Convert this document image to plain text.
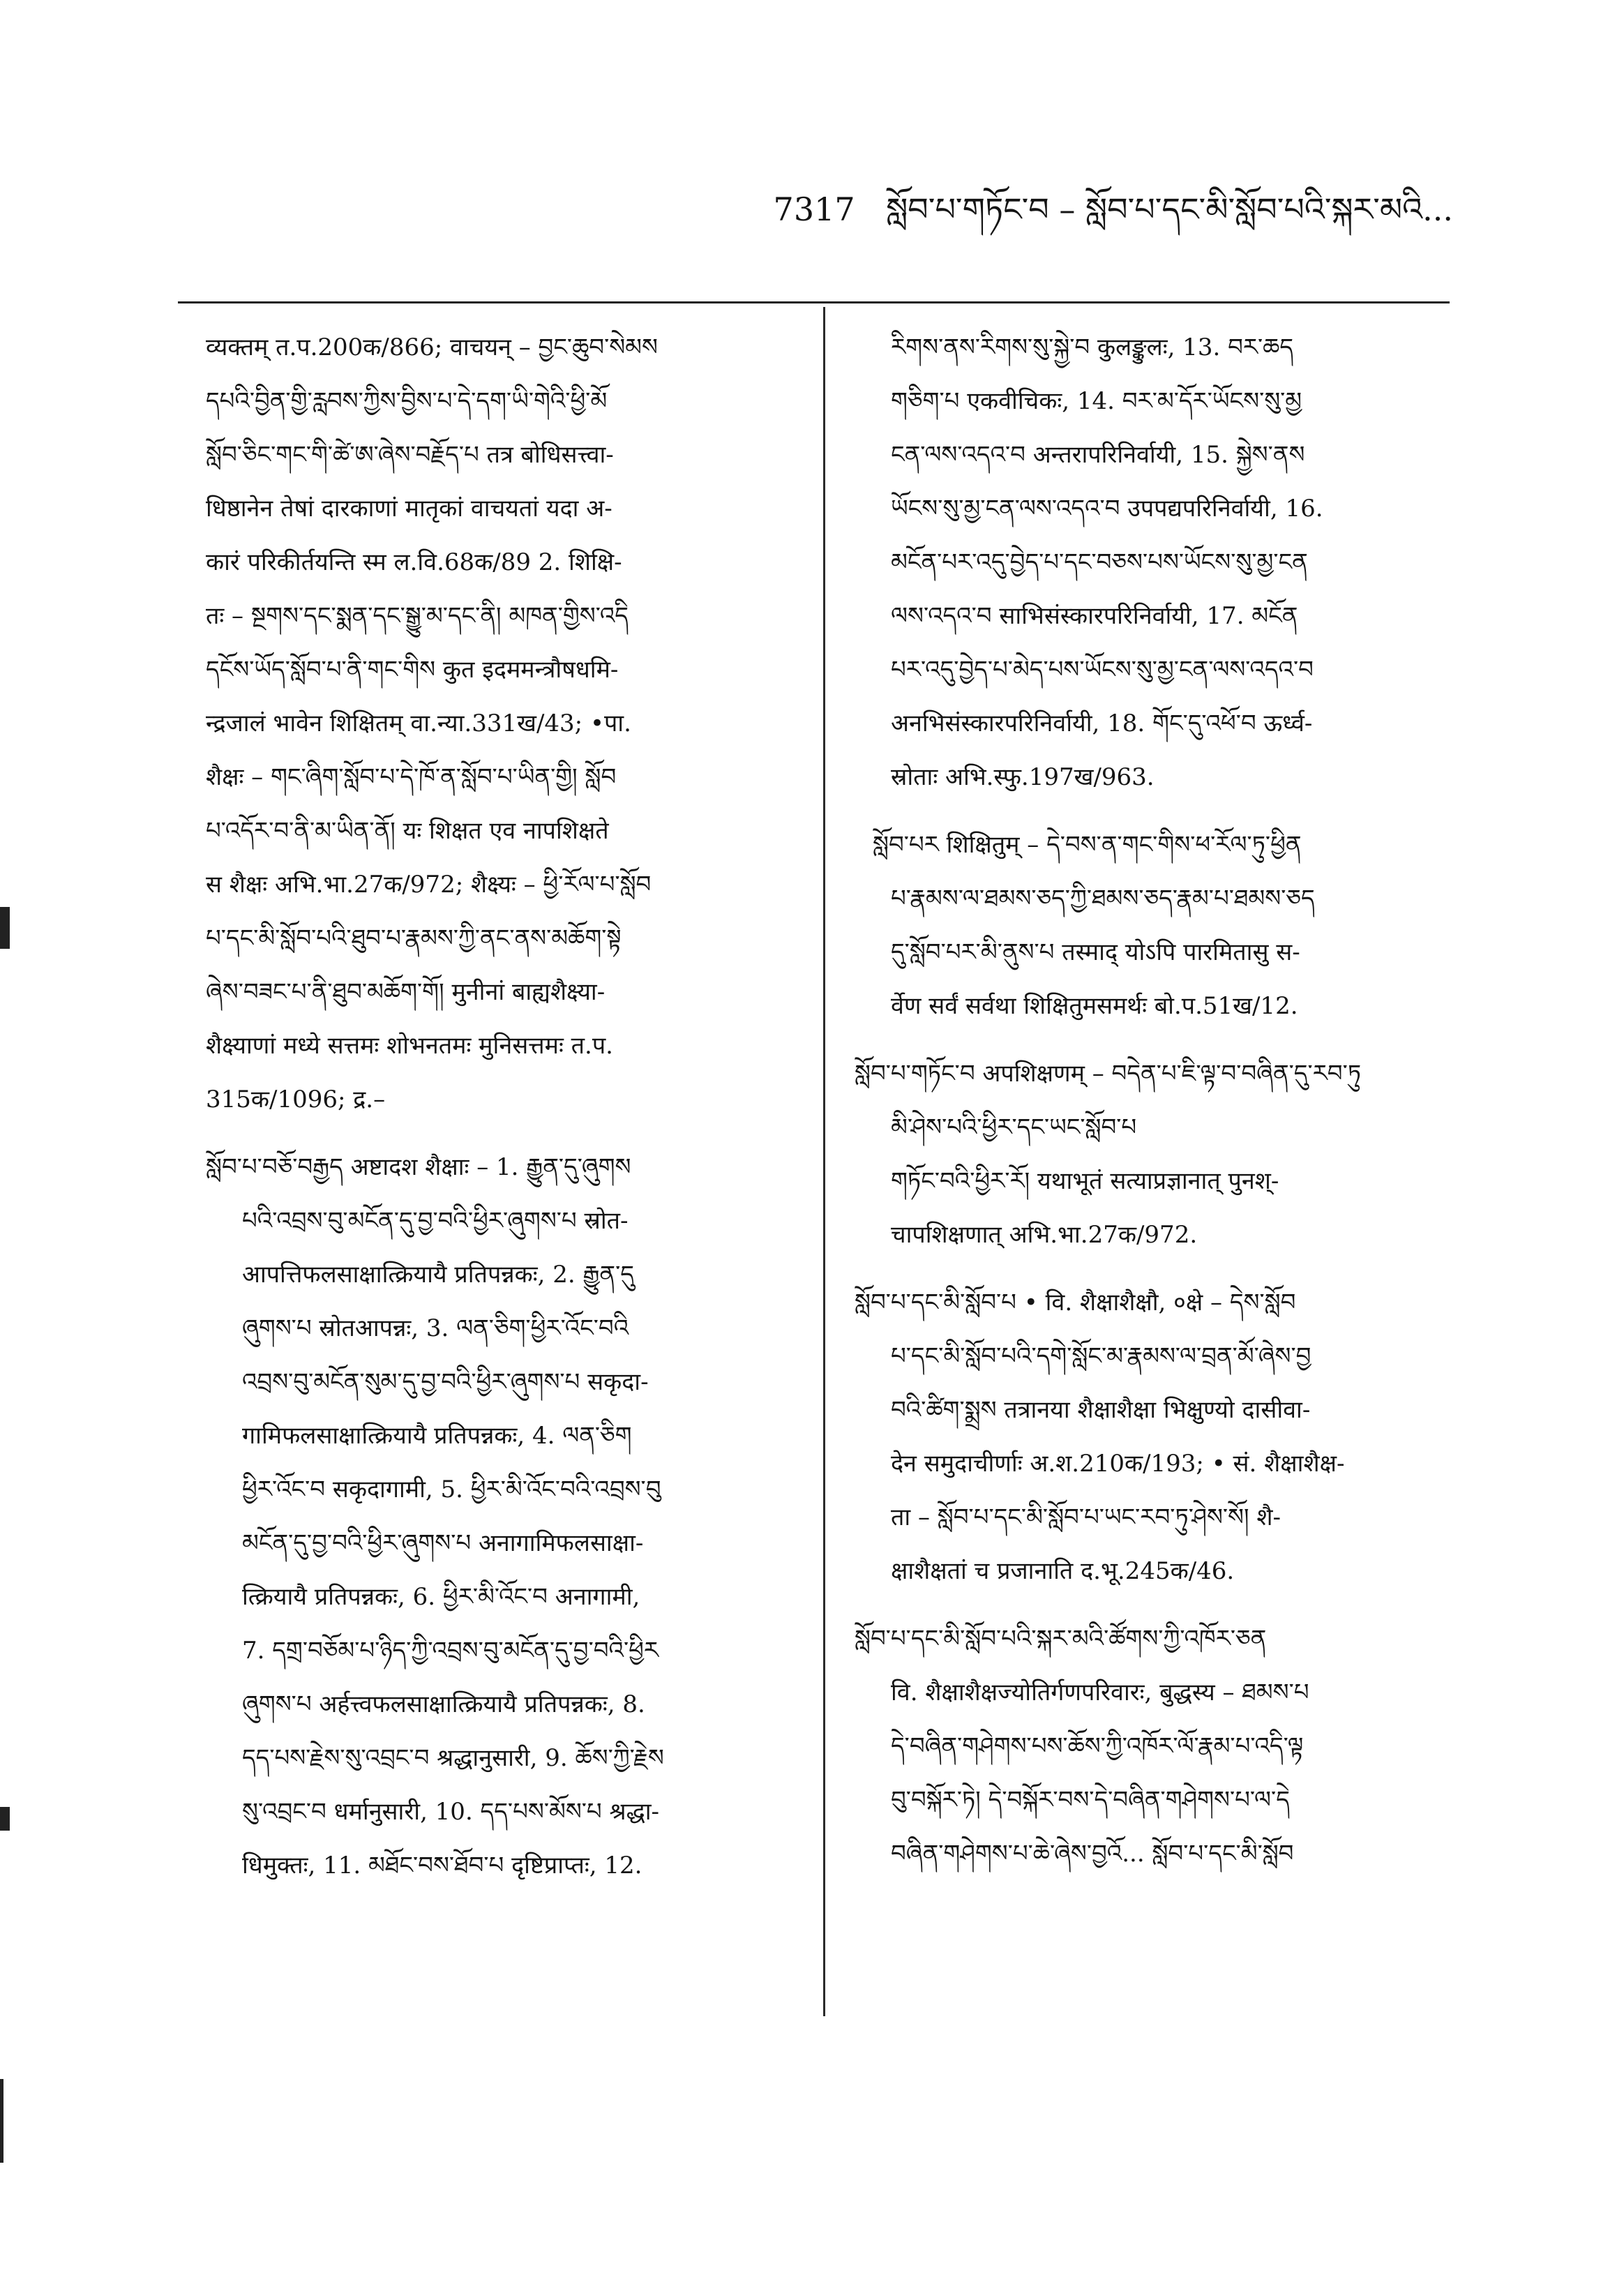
7317 སློབ་པ་གཏོང་བ – སློབ་པ་དང་མི་སློབ་པའི་སྐར་མའི...
व्यक्तम् त.प.200क/866; वाचयन् – བྱང་ཆུབ་སེམས
དཔའི་བྱིན་གྱི་རླབས་ཀྱིས་བྱིས་པ་དེ་དག་ཡི་གེའི་ཕྱི་མོ
སློབ་ཅིང་གང་གི་ཚེ་ཨ་ཞེས་བརྗོད་པ तत्र बोधिसत्त्वा-
धिष्ठानेन तेषां दारकाणां मातृकां वाचयतां यदा अ-
कारं परिकीर्तयन्ति स्म ल.वि.68क/89 2. शिक्षि-
तः – སྔགས་དང་སྨན་དང་སྒྱུ་མ་དང་ནི། མཁན་གྱིས་འདི
དངོས་ཡོད་སློབ་པ་ནི་གང་གིས कुत इदममन्त्रौषधमि-
न्द्रजालं भावेन शिक्षितम् वा.न्या.331ख/43; •पा.
शैक्षः – གང་ཞིག་སློབ་པ་དེ་ཁོ་ན་སློབ་པ་ཡིན་གྱི། སློབ
པ་འདོར་བ་ནི་མ་ཡིན་ནོ། यः शिक्षत एव नापशिक्षते
स शैक्षः अभि.भा.27क/972; शैक्ष्यः – ཕྱི་རོལ་པ་སློབ
པ་དང་མི་སློབ་པའི་ཐུབ་པ་རྣམས་ཀྱི་ནང་ནས་མཆོག་སྟེ
ཞེས་བཟང་པ་ནི་ཐུབ་མཆོག་གོ། मुनीनां बाह्यशैक्ष्या-
शैक्ष्याणां मध्ये सत्तमः शोभनतमः मुनिसत्तमः त.प.
315क/1096; द्र.–
སློབ་པ་བཅོ་བརྒྱད अष्टादश शैक्षाः – 1. རྒྱུན་དུ་ཞུགས
པའི་འབྲས་བུ་མངོན་དུ་བྱ་བའི་ཕྱིར་ཞུགས་པ स्रोत-
आपत्तिफलसाक्षात्क्रियायै प्रतिपन्नकः, 2. རྒྱུན་དུ
ཞུགས་པ स्रोतआपन्नः, 3. ལན་ཅིག་ཕྱིར་འོང་བའི
འབྲས་བུ་མངོན་སུམ་དུ་བྱ་བའི་ཕྱིར་ཞུགས་པ सकृदा-
गामिफलसाक्षात्क्रियायै प्रतिपन्नकः, 4. ལན་ཅིག
ཕྱིར་འོང་བ सकृदागामी, 5. ཕྱིར་མི་འོང་བའི་འབྲས་བུ
མངོན་དུ་བྱ་བའི་ཕྱིར་ཞུགས་པ अनागामिफलसाक्षा-
त्क्रियायै प्रतिपन्नकः, 6. ཕྱིར་མི་འོང་བ अनागामी,
7. དགྲ་བཅོམ་པ་ཉིད་ཀྱི་འབྲས་བུ་མངོན་དུ་བྱ་བའི་ཕྱིར
ཞུགས་པ अर्हत्त्वफलसाक्षात्क्रियायै प्रतिपन्नकः, 8.
དད་པས་རྗེས་སུ་འབྲང་བ श्रद्धानुसारी, 9. ཆོས་ཀྱི་རྗེས
སུ་འབྲང་བ धर्मानुसारी, 10. དད་པས་མོས་པ श्रद्धा-
धिमुक्तः, 11. མཐོང་བས་ཐོབ་པ दृष्टिप्राप्तः, 12.
རིགས་ནས་རིགས་སུ་སྐྱེ་བ कुलङ्कुलः, 13. བར་ཆད
གཅིག་པ एकवीचिकः, 14. བར་མ་དོར་ཡོངས་སུ་མྱ
ངན་ལས་འདའ་བ अन्तरापरिनिर्वायी, 15. སྐྱེས་ནས
ཡོངས་སུ་མྱ་ངན་ལས་འདའ་བ उपपद्यपरिनिर्वायी, 16.
མངོན་པར་འདུ་བྱེད་པ་དང་བཅས་པས་ཡོངས་སུ་མྱ་ངན
ལས་འདའ་བ साभिसंस्कारपरिनिर्वायी, 17. མངོན
པར་འདུ་བྱེད་པ་མེད་པས་ཡོངས་སུ་མྱ་ངན་ལས་འདའ་བ
अनभिसंस्कारपरिनिर्वायी, 18. གོང་དུ་འཕོ་བ ऊर्ध्व-
स्रोताः अभि.स्फु.197ख/963.
སློབ་པར शिक्षितुम् – དེ་བས་ན་གང་གིས་ཕ་རོལ་ཏུ་ཕྱིན
པ་རྣམས་ལ་ཐམས་ཅད་ཀྱི་ཐམས་ཅད་རྣམ་པ་ཐམས་ཅད
དུ་སློབ་པར་མི་ནུས་པ तस्माद् योऽपि पारमितासु स-
र्वेण सर्वं सर्वथा शिक्षितुमसमर्थः बो.प.51ख/12.
སློབ་པ་གཏོང་བ अपशिक्षणम् – བདེན་པ་ཇི་ལྟ་བ་བཞིན་དུ་རབ་ཏུ
མི་ཤེས་པའི་ཕྱིར་དང་ཡང་སློབ་པ
གཏོང་བའི་ཕྱིར་རོ། यथाभूतं सत्याप्रज्ञानात् पुनश्-
चापशिक्षणात् अभि.भा.27क/972.
སློབ་པ་དང་མི་སློབ་པ • वि. शैक्षाशैक्षौ, ०क्षे – དེས་སློབ
པ་དང་མི་སློབ་པའི་དགེ་སློང་མ་རྣམས་ལ་བྲན་མོ་ཞེས་བྱ
བའི་ཚིག་སྨྲས तत्रानया शैक्षाशैक्षा भिक्षुण्यो दासीवा-
देन समुदाचीर्णाः अ.श.210क/193; • सं. शैक्षाशैक्ष-
ता – སློབ་པ་དང་མི་སློབ་པ་ཡང་རབ་ཏུ་ཤེས་སོ། शै-
क्षाशैक्षतां च प्रजानाति द.भू.245क/46.
སློབ་པ་དང་མི་སློབ་པའི་སྐར་མའི་ཚོགས་ཀྱི་འཁོར་ཅན
वि. शैक्षाशैक्षज्योतिर्गणपरिवारः, बुद्धस्य – ཐམས་པ
དེ་བཞིན་གཤེགས་པས་ཆོས་ཀྱི་འཁོར་ལོ་རྣམ་པ་འདི་ལྟ
བུ་བསྐོར་ཏེ། དེ་བསྐོར་བས་དེ་བཞིན་གཤེགས་པ་ལ་དེ
བཞིན་གཤེགས་པ་ཆེ་ཞེས་བྱའོ... སློབ་པ་དང་མི་སློབ
